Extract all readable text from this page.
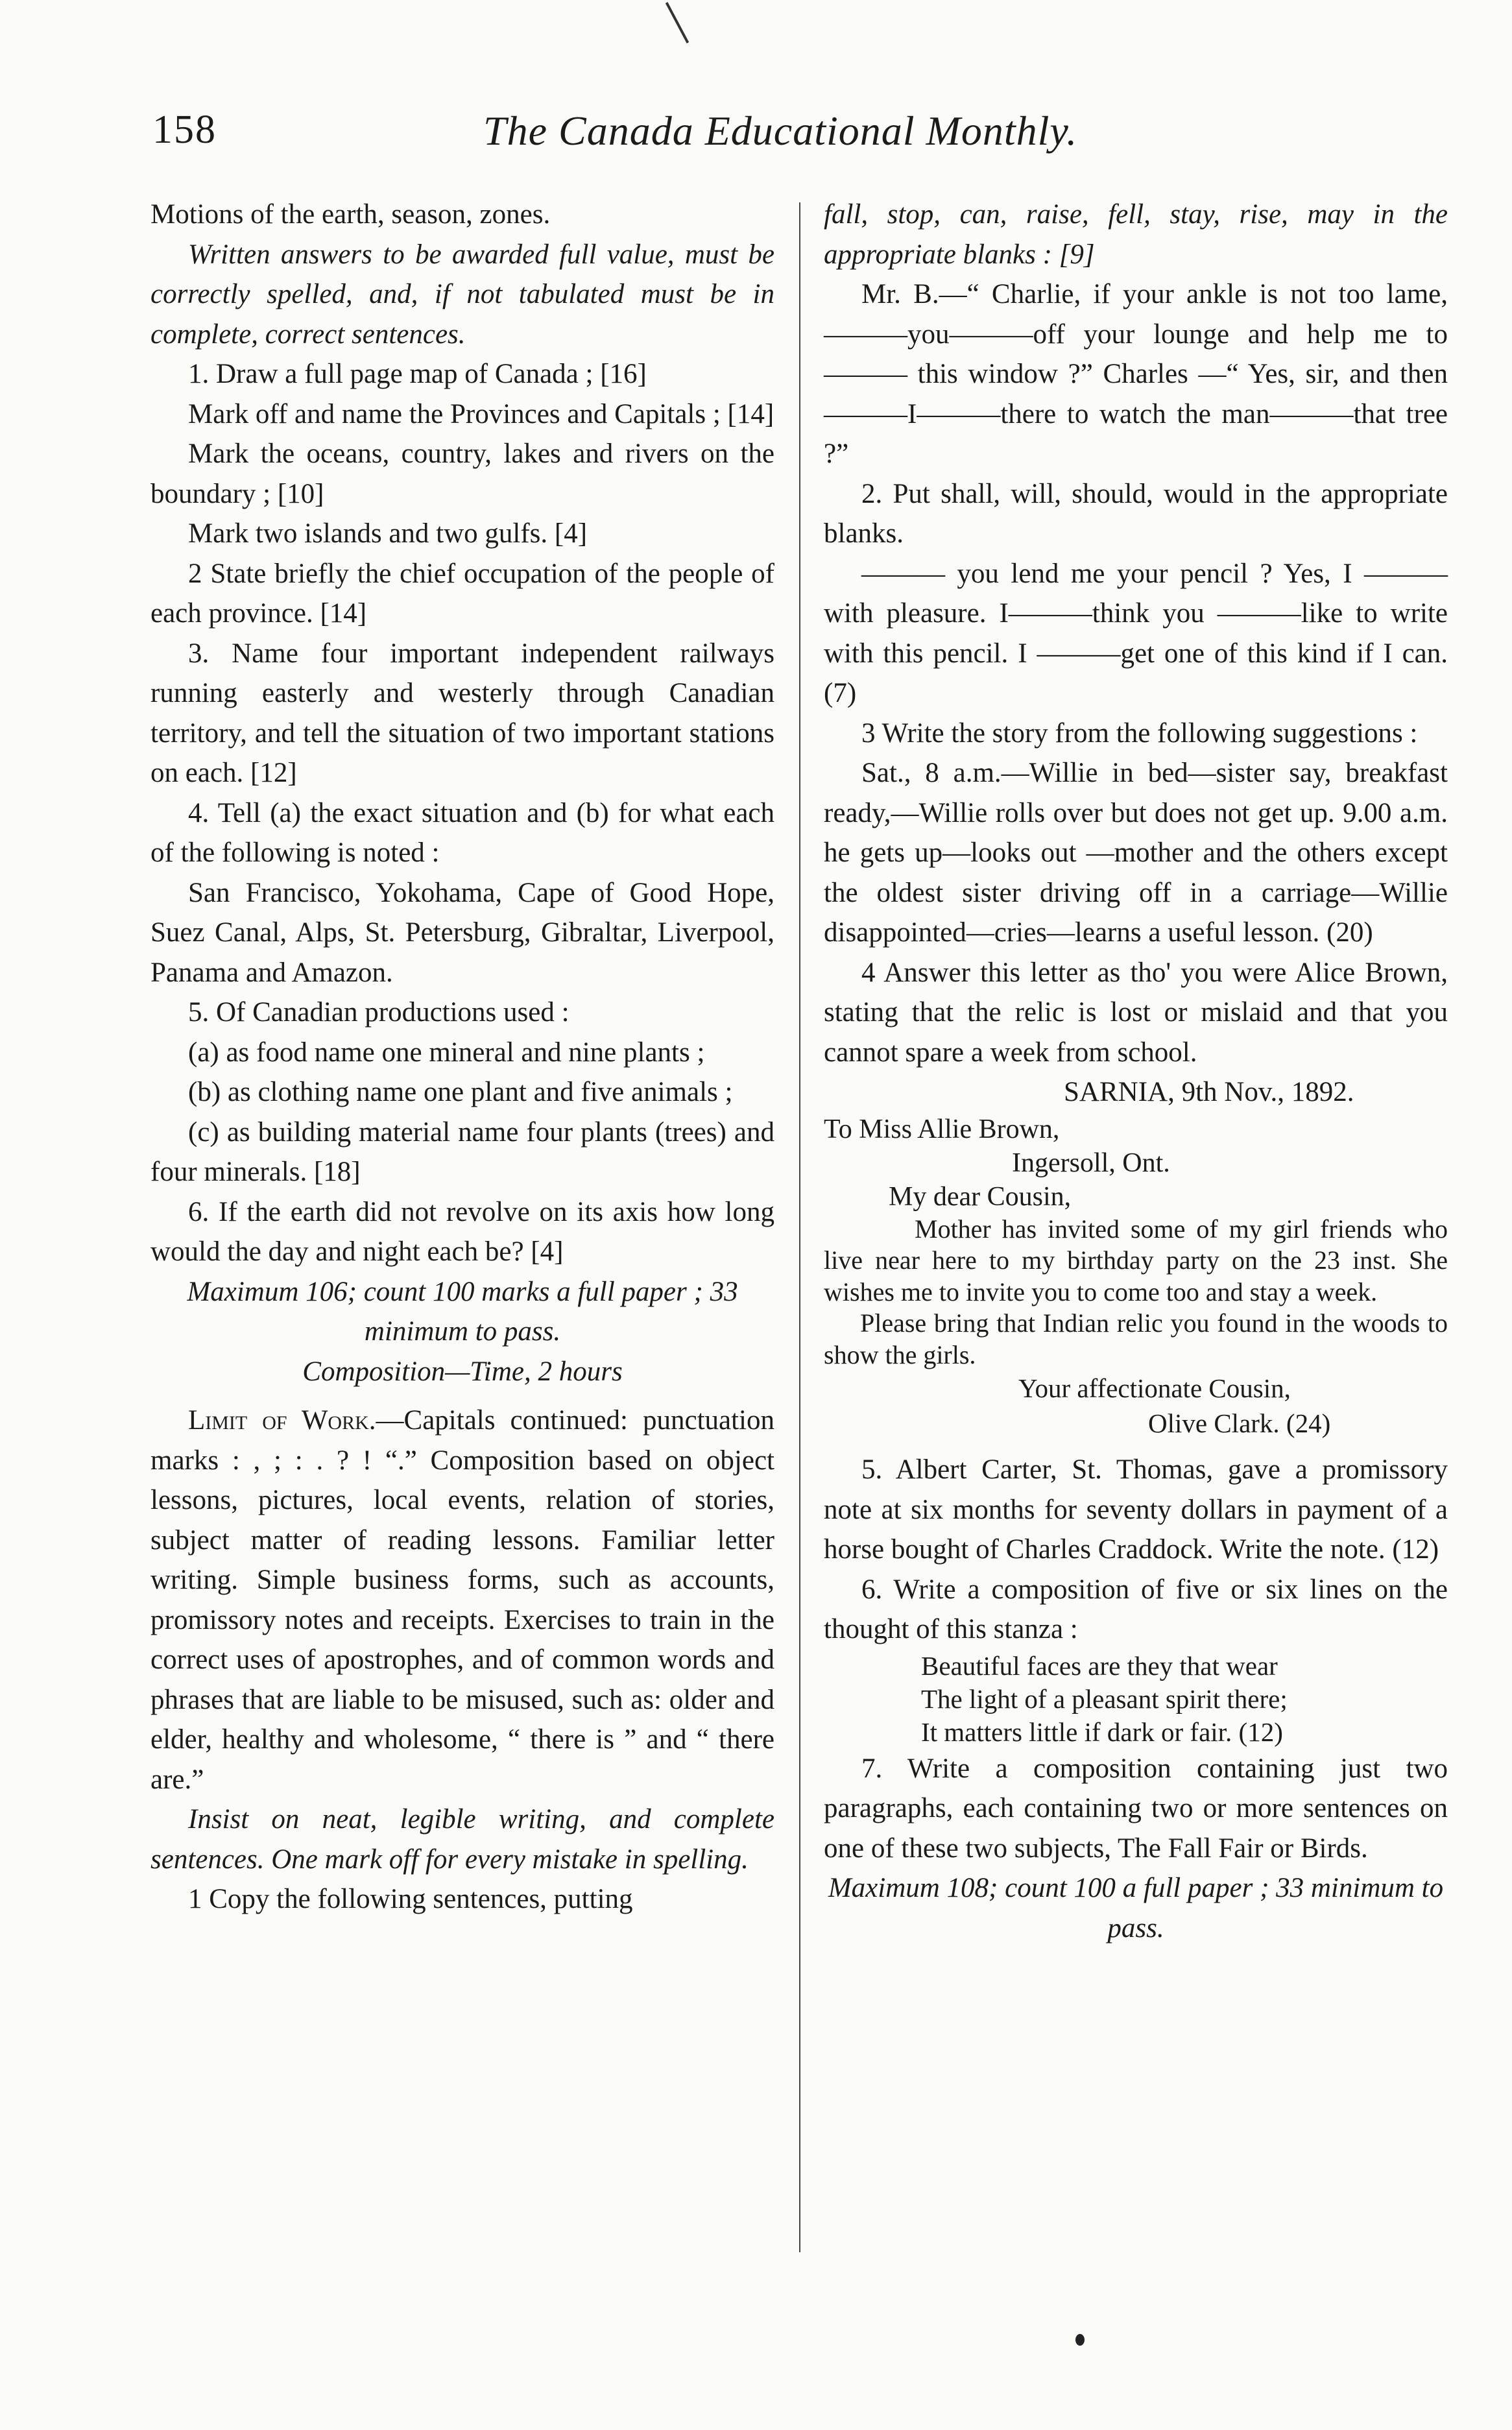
158	The Canada Educational Monthly.

Motions of the earth, season, zones.

Written answers to be awarded full value, must be correctly spelled, and, if not tabulated must be in complete, correct sentences.

1. Draw a full page map of Canada ; [16]

Mark off and name the Provinces and Capitals ; [14]

Mark the oceans, country, lakes and rivers on the boundary ; [10]

Mark two islands and two gulfs. [4]

2 State briefly the chief occupation of the people of each province. [14]

3. Name four important independent railways running easterly and westerly through Canadian territory, and tell the situation of two important stations on each. [12]

4. Tell (a) the exact situation and (b) for what each of the following is noted :

San Francisco, Yokohama, Cape of Good Hope, Suez Canal, Alps, St. Petersburg, Gibraltar, Liverpool, Panama and Amazon.

5. Of Canadian productions used :

(a) as food name one mineral and nine plants ;

(b) as clothing name one plant and five animals ;

(c) as building material name four plants (trees) and four minerals. [18]

6. If the earth did not revolve on its axis how long would the day and night each be? [4]

Maximum 106; count 100 marks a full paper ; 33 minimum to pass.

Composition—Time, 2 hours

Limit of Work.—Capitals continued: punctuation marks : , ; : . ? ! “.” Composition based on object lessons, pictures, local events, relation of stories, subject matter of reading lessons. Familiar letter writing. Simple business forms, such as accounts, promissory notes and receipts. Exercises to train in the correct uses of apostrophes, and of common words and phrases that are liable to be misused, such as: older and elder, healthy and wholesome, “ there is ” and “ there are.”

Insist on neat, legible writing, and complete sentences. One mark off for every mistake in spelling.

1 Copy the following sentences, putting

fall, stop, can, raise, fell, stay, rise, may in the appropriate blanks : [9]

Mr. B.—“ Charlie, if your ankle is not too lame,———you———off your lounge and help me to——— this window ?” Charles —“ Yes, sir, and then———I———there to watch the man———that tree ?”

2. Put shall, will, should, would in the appropriate blanks.

——— you lend me your pencil ? Yes, I ———with pleasure. I———think you ———like to write with this pencil. I ———get one of this kind if I can. (7)

3 Write the story from the following suggestions :

Sat., 8 a.m.—Willie in bed—sister say, breakfast ready,—Willie rolls over but does not get up. 9.00 a.m. he gets up—looks out —mother and the others except the oldest sister driving off in a carriage—Willie disappointed—cries—learns a useful lesson. (20)

4 Answer this letter as tho' you were Alice Brown, stating that the relic is lost or mislaid and that you cannot spare a week from school.

SARNIA, 9th Nov., 1892.

To Miss Allie Brown,

Ingersoll, Ont.

My dear Cousin,

Mother has invited some of my girl friends who live near here to my birthday party on the 23 inst. She wishes me to invite you to come too and stay a week.

Please bring that Indian relic you found in the woods to show the girls.

Your affectionate Cousin,

Olive Clark. (24)

5. Albert Carter, St. Thomas, gave a promissory note at six months for seventy dollars in payment of a horse bought of Charles Craddock. Write the note. (12)

6. Write a composition of five or six lines on the thought of this stanza :

Beautiful faces are they that wear

The light of a pleasant spirit there;

It matters little if dark or fair. (12)

7. Write a composition containing just two paragraphs, each containing two or more sentences on one of these two subjects, The Fall Fair or Birds.

Maximum 108; count 100 a full paper ; 33 minimum to pass.
